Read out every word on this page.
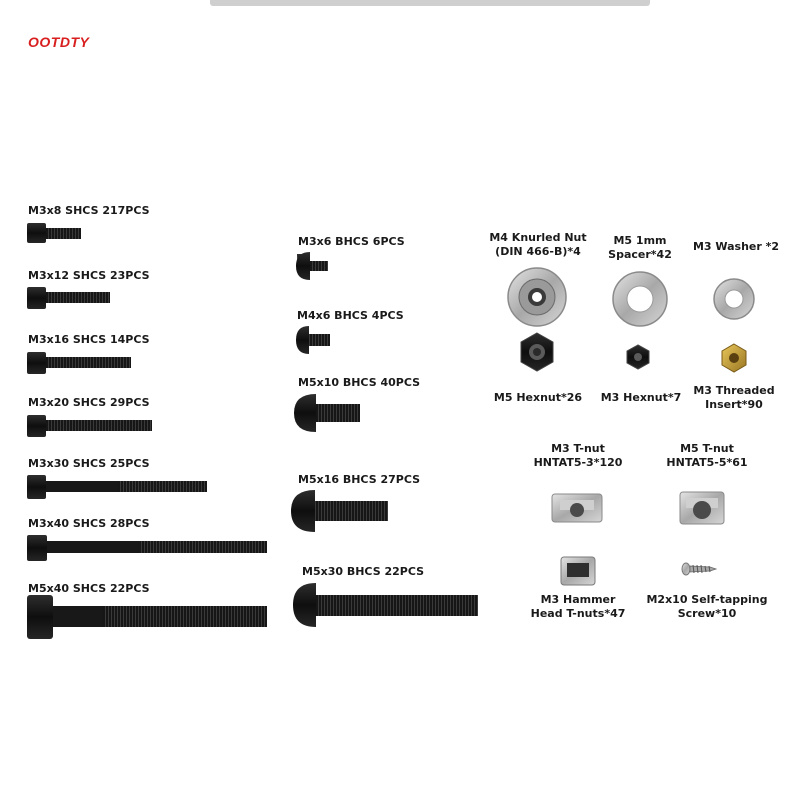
OOTDTY
M3x8 SHCS 217PCS
M3x12 SHCS 23PCS
M3x16 SHCS 14PCS
M3x20 SHCS 29PCS
M3x30 SHCS 25PCS
M3x40 SHCS 28PCS
M5x40 SHCS 22PCS
M3x6 BHCS 6PCS
M4x6 BHCS 4PCS
M5x10 BHCS 40PCS
M5x16 BHCS 27PCS
M5x30 BHCS 22PCS
M4 Knurled Nut
(DIN 466-B)*4
M5 1mm
Spacer*42
M3 Washer *2
M5 Hexnut*26	M3 Hexnut*7
M3 Threaded
Insert*90
M3 T-nut
HNTAT5-3*120
M5 T-nut
HNTAT5-5*61
M3 Hammer
Head T-nuts*47
M2x10 Self-tapping
Screw*10
